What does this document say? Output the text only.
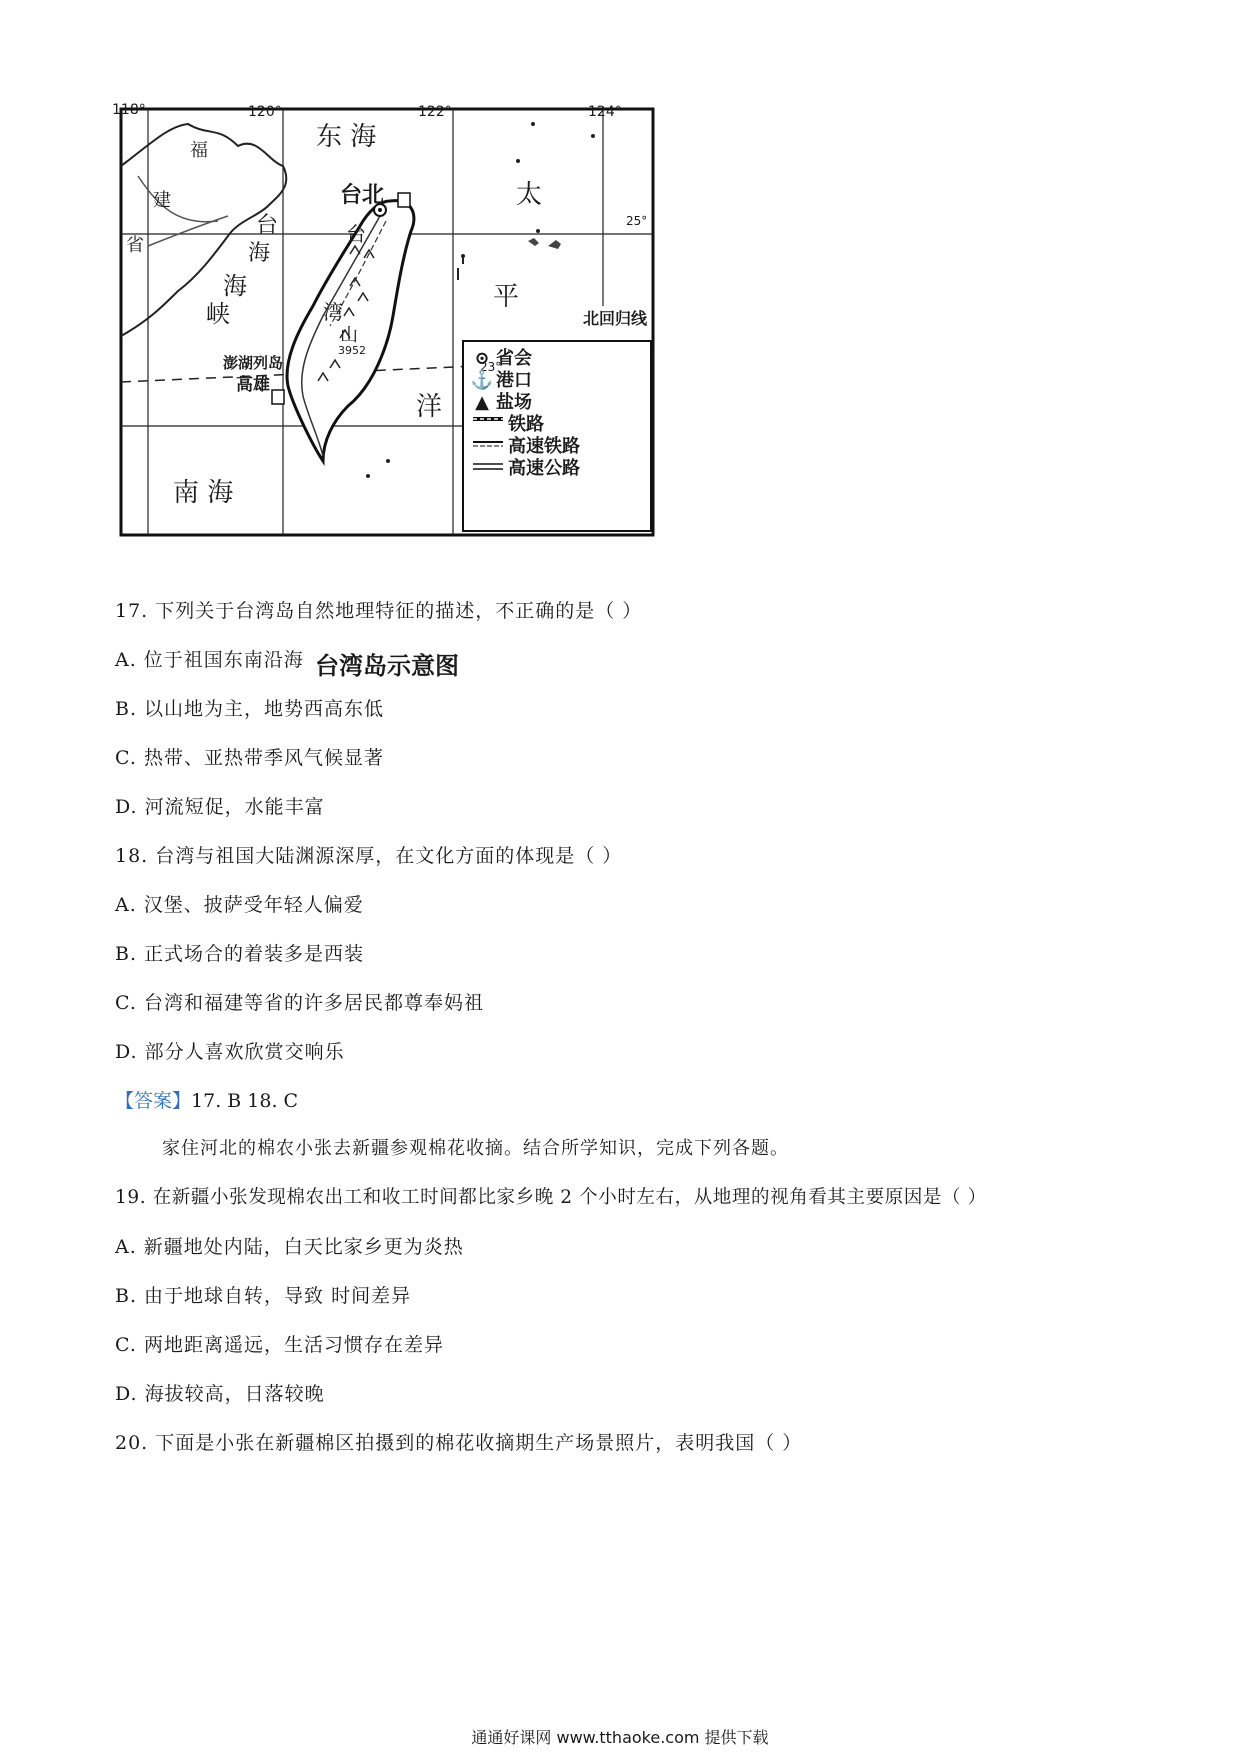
118°	120°	122°	124°
25°
23°
北回归线
福
建
省
东 海
台北
台
海
海
峡
台
湾
山
3952
澎湖列岛
高雄
太
平
洋
南 海
⊙ 省会
⚓ 港口
▲ 盐场
铁路
高速铁路
高速公路
台湾岛示意图
17. 下列关于台湾岛自然地理特征的描述，不正确的是（ ）
A. 位于祖国东南沿海
B. 以山地为主，地势西高东低
C. 热带、亚热带季风气候显著
D. 河流短促，水能丰富
18. 台湾与祖国大陆渊源深厚，在文化方面的体现是（ ）
A. 汉堡、披萨受年轻人偏爱
B. 正式场合的着装多是西装
C. 台湾和福建等省的许多居民都尊奉妈祖
D. 部分人喜欢欣赏交响乐
【答案】17. B 18. C
家住河北的棉农小张去新疆参观棉花收摘。结合所学知识，完成下列各题。
19. 在新疆小张发现棉农出工和收工时间都比家乡晚 2 个小时左右，从地理的视角看其主要原因是（ ）
A. 新疆地处内陆，白天比家乡更为炎热
B. 由于地球自转，导致 时间差异
C. 两地距离遥远，生活习惯存在差异
D. 海拔较高，日落较晚
20. 下面是小张在新疆棉区拍摄到的棉花收摘期生产场景照片，表明我国（ ）
通通好课网 www.tthaoke.com 提供下载
